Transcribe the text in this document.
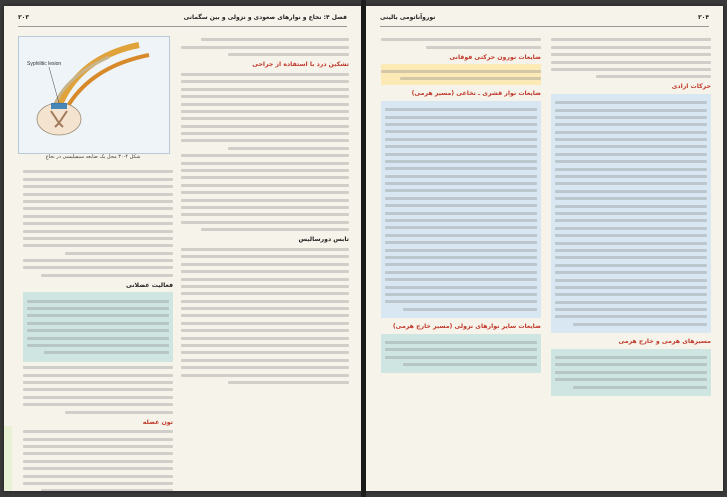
۳۰۳	فصل ۴: نخاع و نوارهای صعودی و نزولی و بین سگمانی
Syphilitic lesion
شکل ۴-۳۰ محل یک ضایعه سیفیلیسی در نخاع
تشکین درد با استفاده از جراحی
تابس دورسالیس
فعالیت عضلانی
تون عضله
نوروآناتومی بالینی	۳۰۴
حرکات ارادی
مسیرهای هرمی و خارج هرمی
ضایعات نورون حرکتی فوقانی
ضایعات نوار قشری ـ نخاعی (مسیر هرمی)
ضایعات سایر نوارهای نزولی (مسیر خارج هرمی)
